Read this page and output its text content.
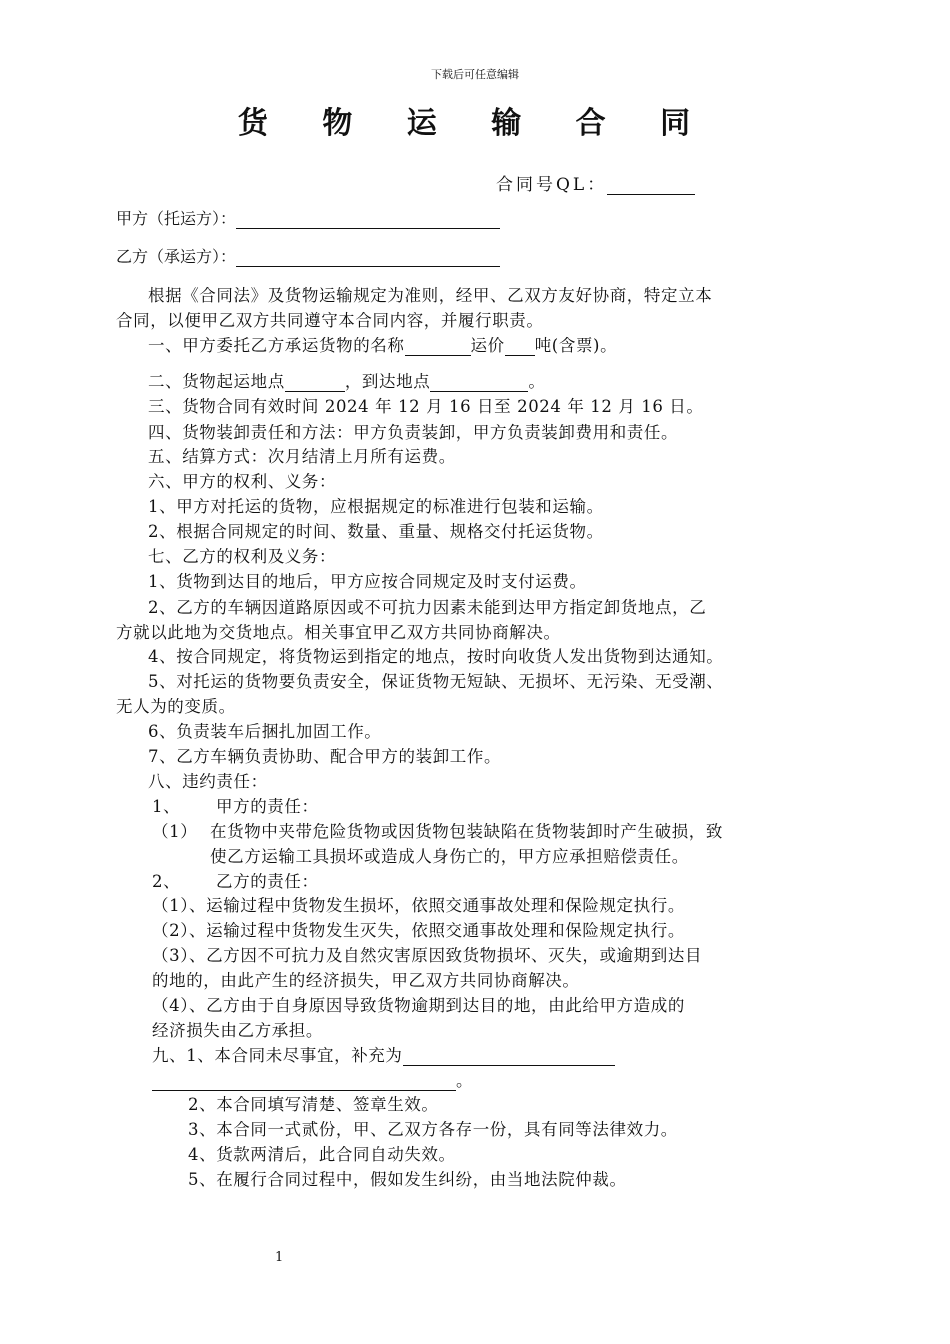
下载后可任意编辑
货 物 运 输 合 同
合同号QL：
甲方（托运方）：
乙方（承运方）：
根据《合同法》及货物运输规定为准则，经甲、乙双方友好协商，特定立本
合同，以便甲乙双方共同遵守本合同内容，并履行职责。
一、甲方委托乙方承运货物的名称	运价 吨(含票)。
二、货物起运地点	，到达地点	。
三、货物合同有效时间 2024 年 12 月 16 日至 2024 年 12 月 16 日。
四、货物装卸责任和方法：甲方负责装卸，甲方负责装卸费用和责任。
五、结算方式：次月结清上月所有运费。
六、甲方的权利、义务：
1、甲方对托运的货物，应根据规定的标准进行包装和运输。
2、根据合同规定的时间、数量、重量、规格交付托运货物。
七、乙方的权利及义务：
1、货物到达目的地后，甲方应按合同规定及时支付运费。
2、乙方的车辆因道路原因或不可抗力因素未能到达甲方指定卸货地点，乙
方就以此地为交货地点。相关事宜甲乙双方共同协商解决。
4、按合同规定，将货物运到指定的地点，按时向收货人发出货物到达通知。
5、对托运的货物要负责安全，保证货物无短缺、无损坏、无污染、无受潮、
无人为的变质。
6、负责装车后捆扎加固工作。
7、乙方车辆负责协助、配合甲方的装卸工作。
八、违约责任：
1、 甲方的责任：
（1） 在货物中夹带危险货物或因货物包装缺陷在货物装卸时产生破损，致
使乙方运输工具损坏或造成人身伤亡的，甲方应承担赔偿责任。
2、 乙方的责任：
（1）、运输过程中货物发生损坏，依照交通事故处理和保险规定执行。
（2）、运输过程中货物发生灭失，依照交通事故处理和保险规定执行。
（3）、乙方因不可抗力及自然灾害原因致货物损坏、灭失，或逾期到达目
的地的，由此产生的经济损失，甲乙双方共同协商解决。
（4）、乙方由于自身原因导致货物逾期到达目的地，由此给甲方造成的
经济损失由乙方承担。
九、1、本合同未尽事宜，补充为
。
2、本合同填写清楚、签章生效。
3、本合同一式贰份，甲、乙双方各存一份，具有同等法律效力。
4、货款两清后，此合同自动失效。
5、在履行合同过程中，假如发生纠纷，由当地法院仲裁。
1
